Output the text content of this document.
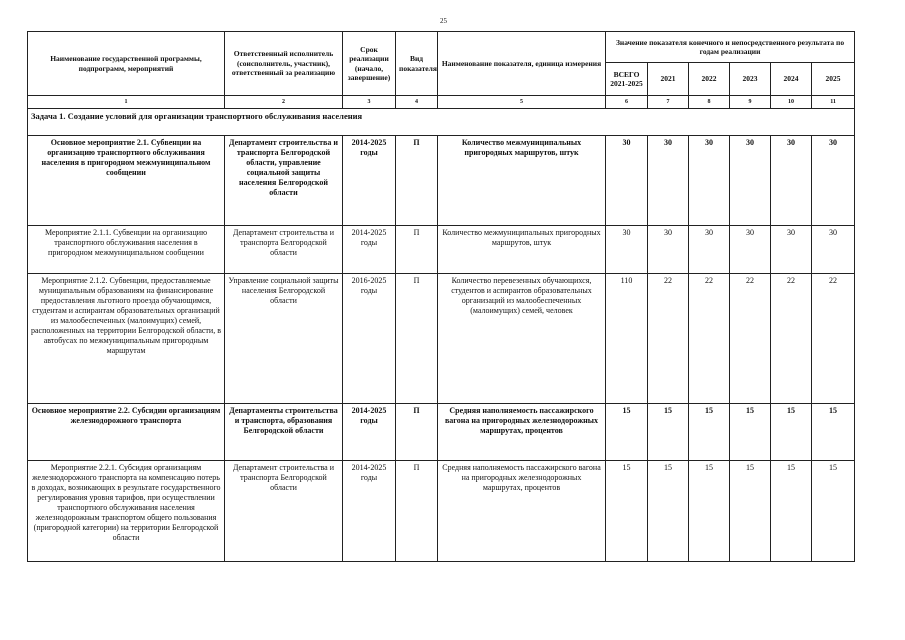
25
Наименование государственной программы, подпрограмм, мероприятий	Ответственный исполнитель (соисполнитель, участник), ответственный за реализацию	Срок реализации (начало, завершение)	Вид показателя	Наименование показателя, единица измерения	Значение показателя конечного и непосредственного результата по годам реализации					
					ВСЕГО 2021-2025	2021	2022	2023	2024	2025
1	2	3	4	5	6	7	8	9	10	11
Задача 1. Создание условий для организации транспортного обслуживания населения										
Основное мероприятие 2.1. Субвенции на организацию транспортного обслуживания населения в пригородном межмуниципальном сообщении	Департамент строительства и транспорта Белгородской области, управление социальной защиты населения Белгородской области	2014-2025 годы	П	Количество межмуниципальных пригородных маршрутов, штук	30	30	30	30	30	30
Мероприятие 2.1.1. Субвенции на организацию транспортного обслуживания населения в пригородном межмуниципальном сообщении	Департамент строительства и транспорта Белгородской области	2014-2025 годы	П	Количество межмуниципальных пригородных маршрутов, штук	30	30	30	30	30	30
Мероприятие 2.1.2. Субвенции, предоставляемые муниципальным образованиям на финансирование предоставления льготного проезда обучающимся, студентам и аспирантам образовательных организаций из малообеспеченных (малоимущих) семей, расположенных на территории Белгородской области, в автобусах по межмуниципальным пригородным маршрутам	Управление социальной защиты населения Белгородской области	2016-2025 годы	П	Количество перевезенных обучающихся, студентов и аспирантов образовательных организаций из малообеспеченных (малоимущих) семей, человек	110	22	22	22	22	22
Основное мероприятие 2.2. Субсидии организациям железнодорожного транспорта	Департаменты строительства и транспорта, образования Белгородской области	2014-2025 годы	П	Средняя наполняемость пассажирского вагона на пригородных железнодорожных маршрутах, процентов	15	15	15	15	15	15
Мероприятие 2.2.1. Субсидия организациям железнодорожного транспорта на компенсацию потерь в доходах, возникающих в результате государственного регулирования уровня тарифов, при осуществлении транспортного обслуживания населения железнодорожным транспортом общего пользования (пригородной категории) на территории Белгородской области	Департамент строительства и транспорта Белгородской области	2014-2025 годы	П	Средняя наполняемость пассажирского вагона на пригородных железнодорожных маршрутах, процентов	15	15	15	15	15	15
